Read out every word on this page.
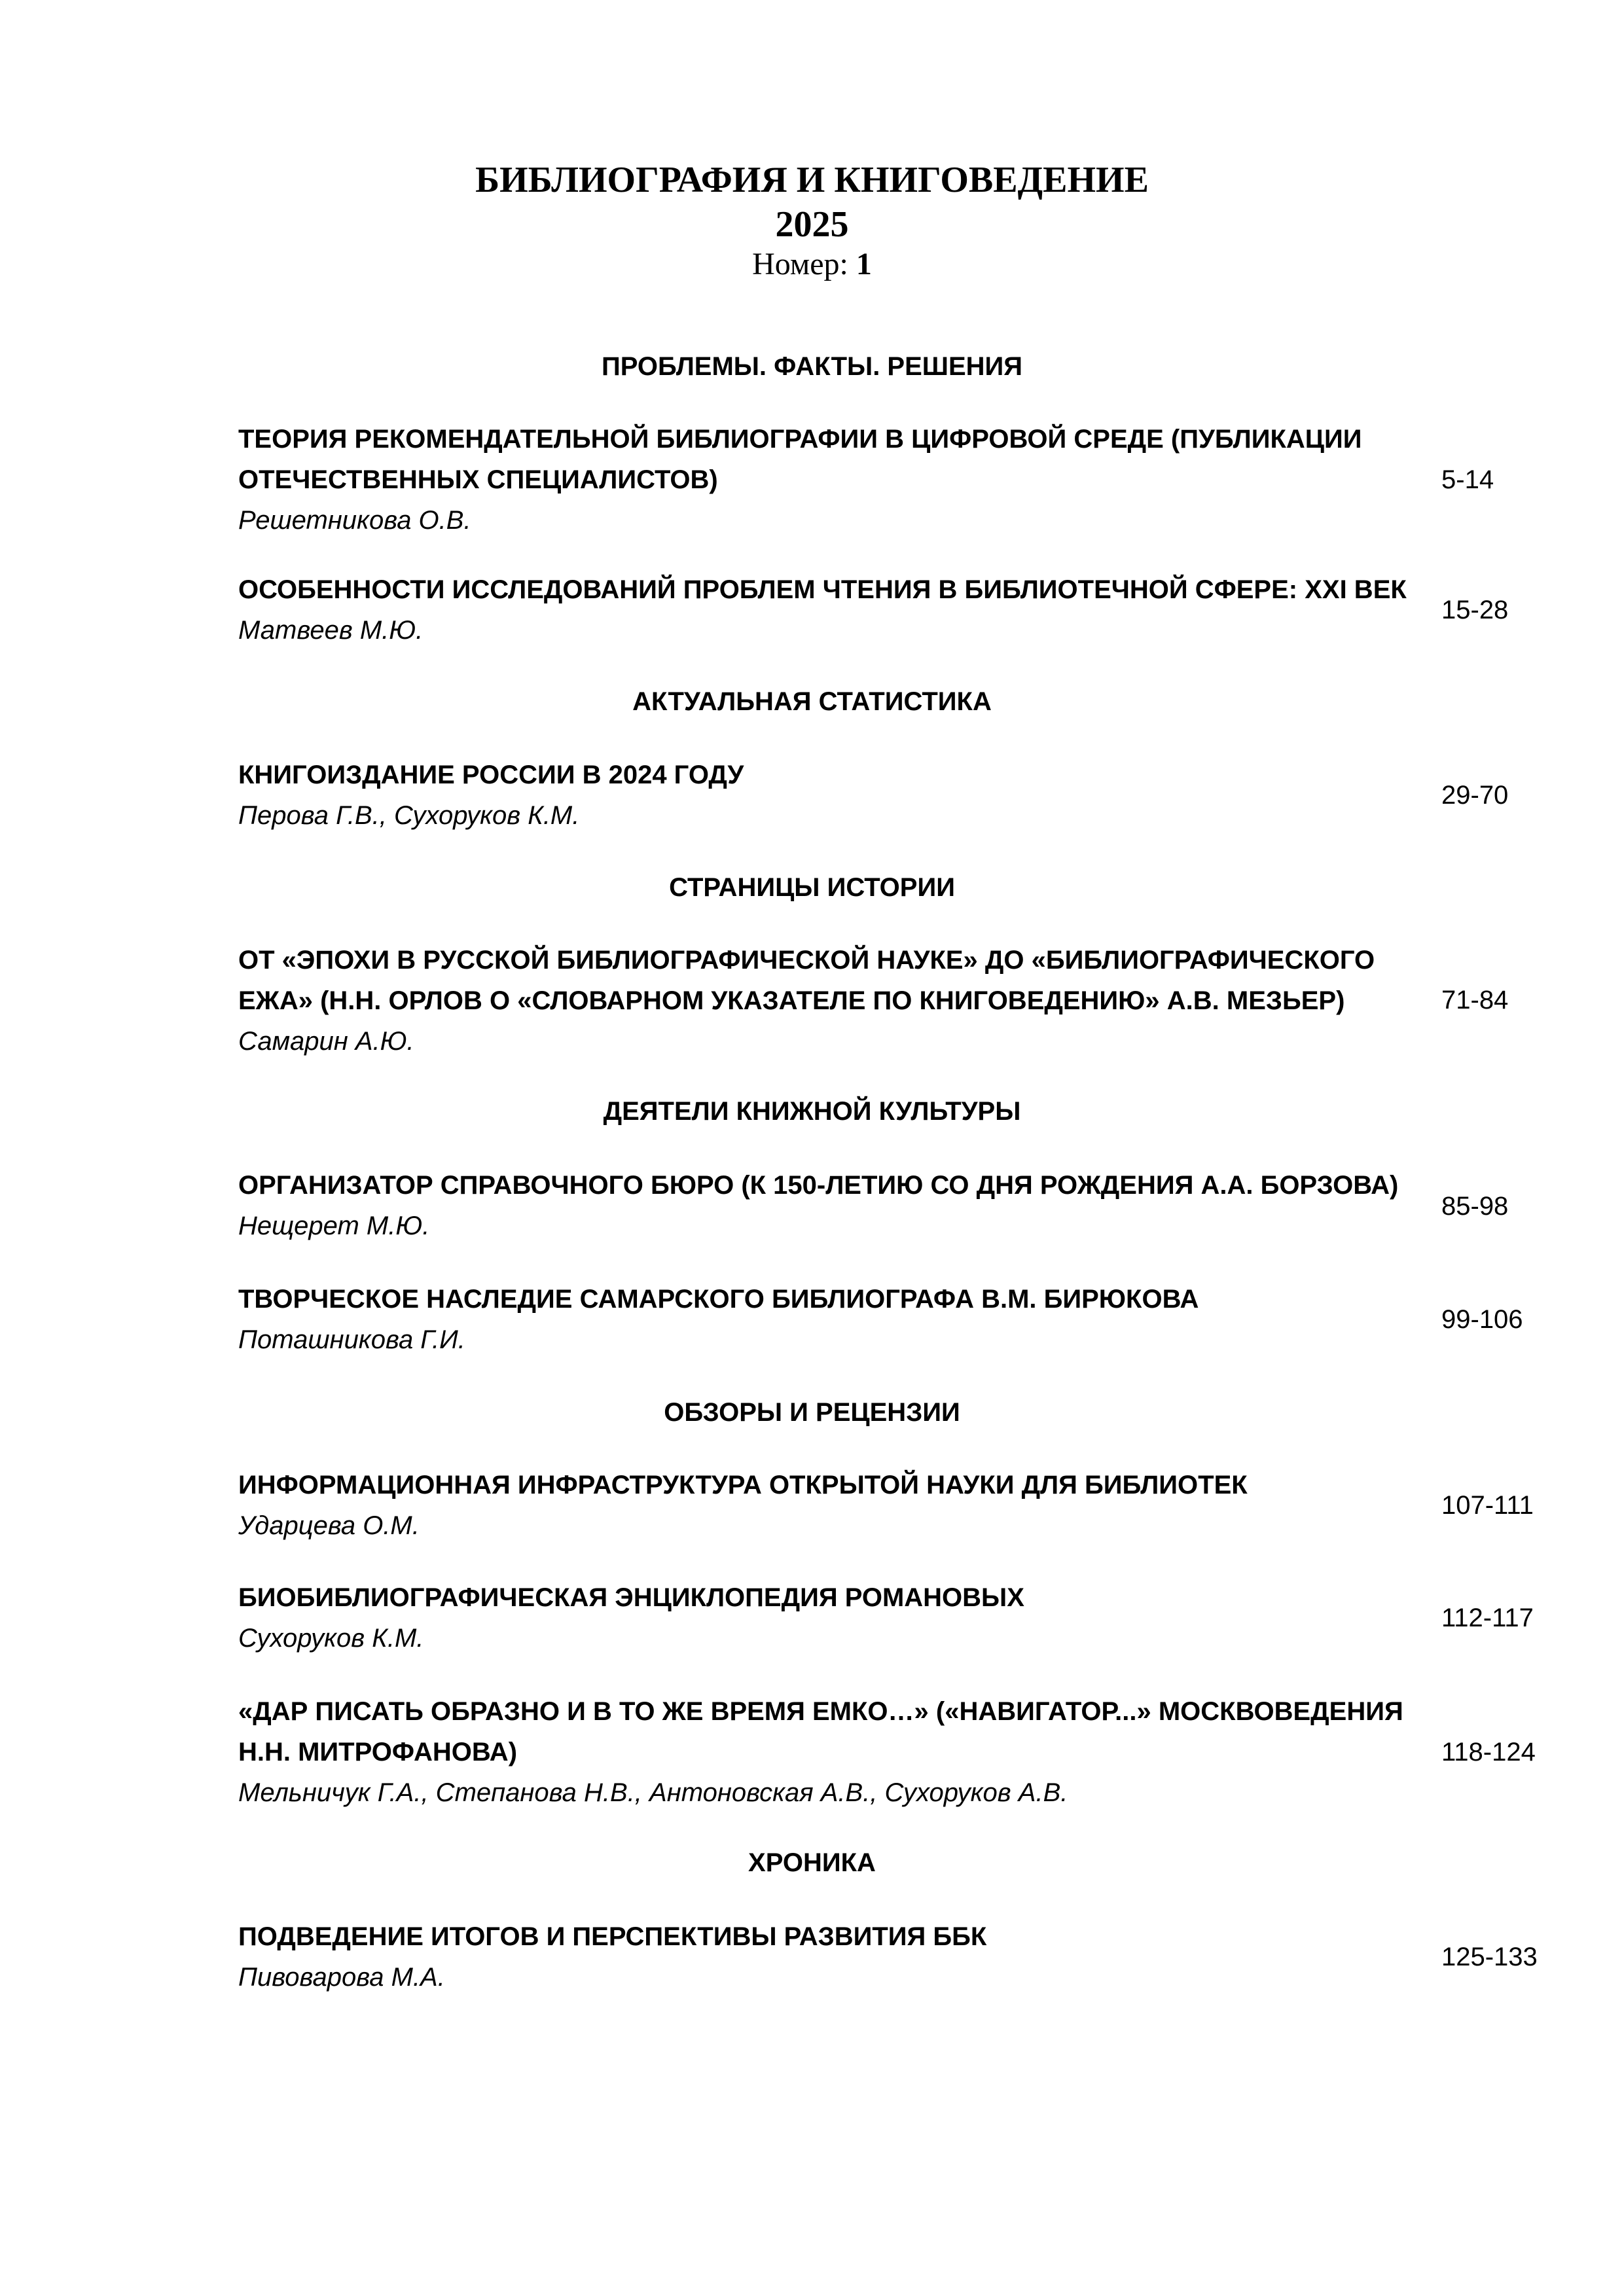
БИБЛИОГРАФИЯ И КНИГОВЕДЕНИЕ
2025
Номер: 1
ПРОБЛЕМЫ. ФАКТЫ. РЕШЕНИЯ

ТЕОРИЯ РЕКОМЕНДАТЕЛЬНОЙ БИБЛИОГРАФИИ В ЦИФРОВОЙ СРЕДЕ (ПУБЛИКАЦИИ ОТЕЧЕСТВЕННЫХ СПЕЦИАЛИСТОВ)

Решетникова О.В.

5-14

ОСОБЕННОСТИ ИССЛЕДОВАНИЙ ПРОБЛЕМ ЧТЕНИЯ В БИБЛИОТЕЧНОЙ СФЕРЕ: XXI ВЕК

Матвеев М.Ю.

15-28
АКТУАЛЬНАЯ СТАТИСТИКА

КНИГОИЗДАНИЕ РОССИИ В 2024 ГОДУ

Перова Г.В., Сухоруков К.М.

29-70
СТРАНИЦЫ ИСТОРИИ

ОТ «ЭПОХИ В РУССКОЙ БИБЛИОГРАФИЧЕСКОЙ НАУКЕ» ДО «БИБЛИОГРАФИЧЕСКОГО ЕЖА» (Н.Н. ОРЛОВ О «СЛОВАРНОМ УКАЗАТЕЛЕ ПО КНИГОВЕДЕНИЮ» А.В. МЕЗЬЕР)

Самарин А.Ю.

71-84
ДЕЯТЕЛИ КНИЖНОЙ КУЛЬТУРЫ

ОРГАНИЗАТОР СПРАВОЧНОГО БЮРО (К 150-ЛЕТИЮ СО ДНЯ РОЖДЕНИЯ А.А. БОРЗОВА)

Нещерет М.Ю.

85-98

ТВОРЧЕСКОЕ НАСЛЕДИЕ САМАРСКОГО БИБЛИОГРАФА В.М. БИРЮКОВА

Поташникова Г.И.

99-106
ОБЗОРЫ И РЕЦЕНЗИИ

ИНФОРМАЦИОННАЯ ИНФРАСТРУКТУРА ОТКРЫТОЙ НАУКИ ДЛЯ БИБЛИОТЕК

Ударцева О.М.

107-111

БИОБИБЛИОГРАФИЧЕСКАЯ ЭНЦИКЛОПЕДИЯ РОМАНОВЫХ

Сухоруков К.М.

112-117

«ДАР ПИСАТЬ ОБРАЗНО И В ТО ЖЕ ВРЕМЯ ЕМКО…» («НАВИГАТОР...» МОСКВОВЕДЕНИЯ Н.Н. МИТРОФАНОВА)

Мельничук Г.А., Степанова Н.В., Антоновская А.В., Сухоруков А.В.

118-124
ХРОНИКА

ПОДВЕДЕНИЕ ИТОГОВ И ПЕРСПЕКТИВЫ РАЗВИТИЯ ББК

Пивоварова М.А.

125-133
